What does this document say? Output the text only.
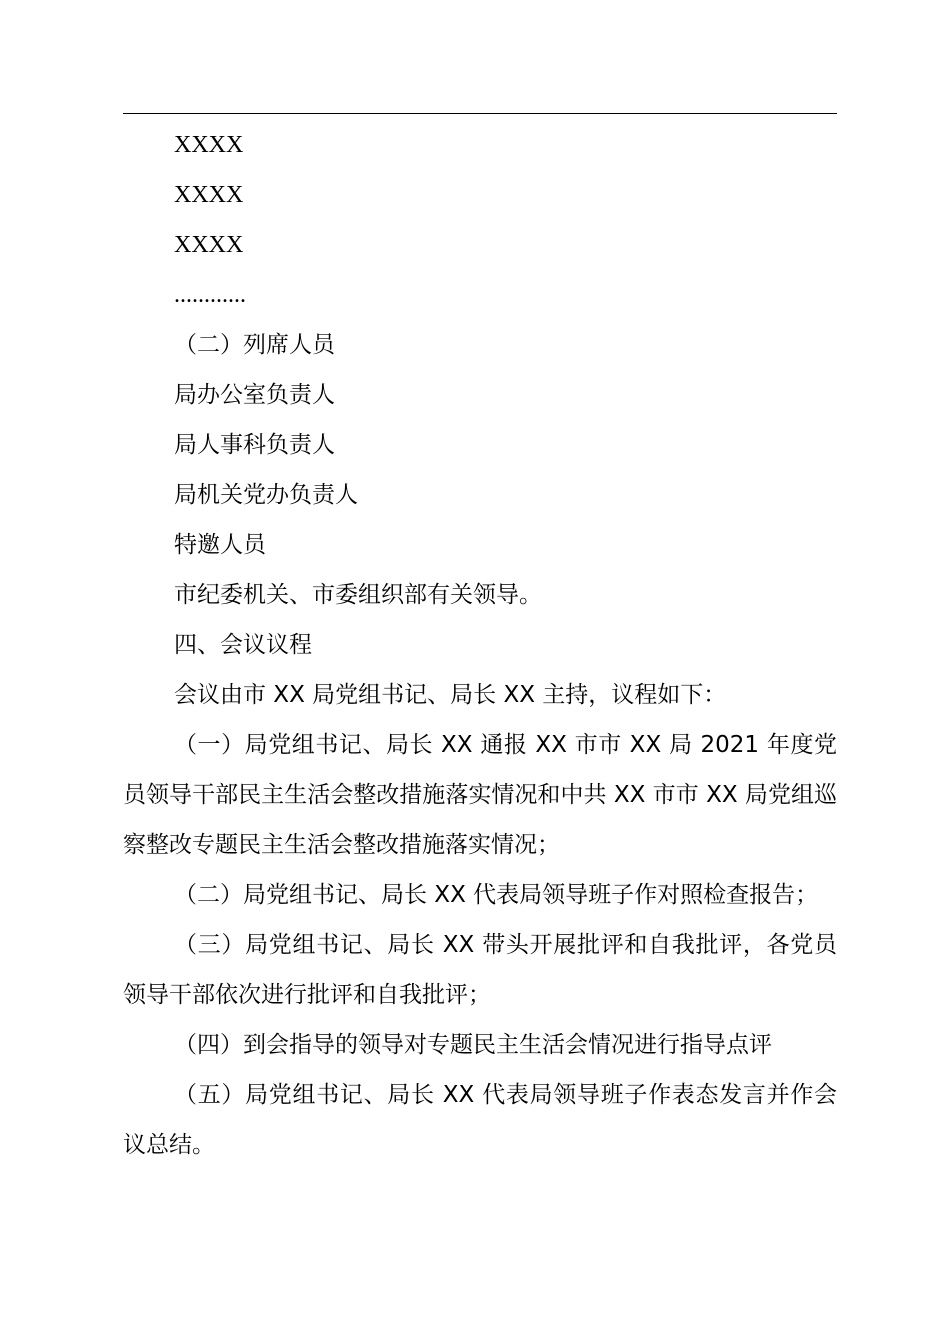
XXXX
XXXX
XXXX
............
（二）列席人员
局办公室负责人
局人事科负责人
局机关党办负责人
特邀人员
市纪委机关、市委组织部有关领导。
四、会议议程
会议由市 XX 局党组书记、局长 XX 主持，议程如下：
（一）局党组书记、局长 XX 通报 XX 市市 XX 局 2021 年度党员领导干部民主生活会整改措施落实情况和中共 XX 市市 XX 局党组巡察整改专题民主生活会整改措施落实情况；
（二）局党组书记、局长 XX 代表局领导班子作对照检查报告；
（三）局党组书记、局长 XX 带头开展批评和自我批评，各党员领导干部依次进行批评和自我批评；
（四）到会指导的领导对专题民主生活会情况进行指导点评
（五）局党组书记、局长 XX 代表局领导班子作表态发言并作会议总结。
